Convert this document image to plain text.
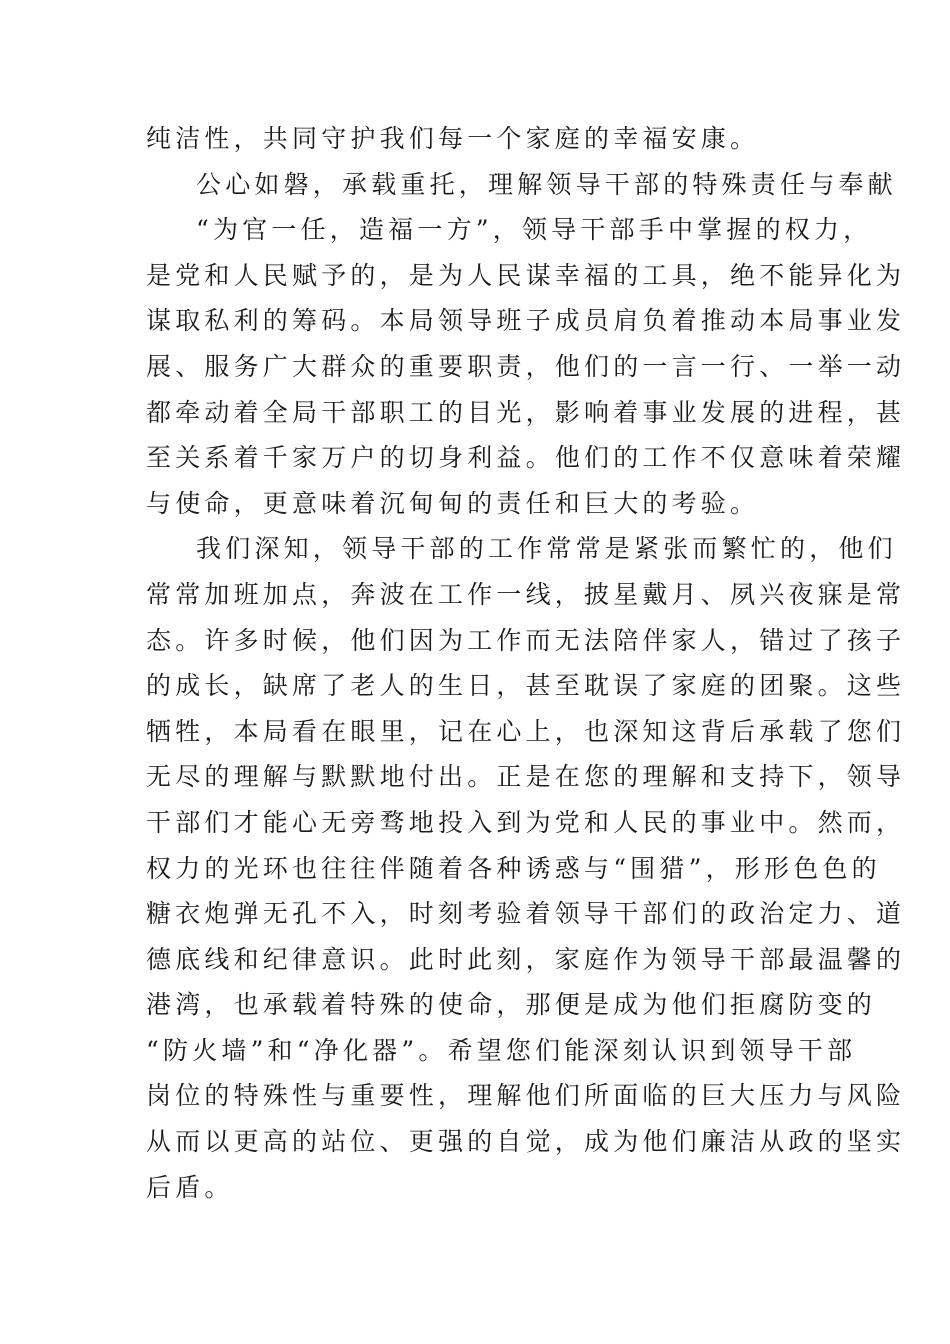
纯洁性，共同守护我们每一个家庭的幸福安康。
公心如磐，承载重托，理解领导干部的特殊责任与奉献
“为官一任，造福一方”，领导干部手中掌握的权力，
是党和人民赋予的，是为人民谋幸福的工具，绝不能异化为
谋取私利的筹码。本局领导班子成员肩负着推动本局事业发
展、服务广大群众的重要职责，他们的一言一行、一举一动
都牵动着全局干部职工的目光，影响着事业发展的进程，甚
至关系着千家万户的切身利益。他们的工作不仅意味着荣耀
与使命，更意味着沉甸甸的责任和巨大的考验。
我们深知，领导干部的工作常常是紧张而繁忙的，他们
常常加班加点，奔波在工作一线，披星戴月、夙兴夜寐是常
态。许多时候，他们因为工作而无法陪伴家人，错过了孩子
的成长，缺席了老人的生日，甚至耽误了家庭的团聚。这些
牺牲，本局看在眼里，记在心上，也深知这背后承载了您们
无尽的理解与默默地付出。正是在您的理解和支持下，领导
干部们才能心无旁骛地投入到为党和人民的事业中。然而，
权力的光环也往往伴随着各种诱惑与“围猎”，形形色色的
糖衣炮弹无孔不入，时刻考验着领导干部们的政治定力、道
德底线和纪律意识。此时此刻，家庭作为领导干部最温馨的
港湾，也承载着特殊的使命，那便是成为他们拒腐防变的
“防火墙”和“净化器”。希望您们能深刻认识到领导干部
岗位的特殊性与重要性，理解他们所面临的巨大压力与风险
从而以更高的站位、更强的自觉，成为他们廉洁从政的坚实
后盾。
